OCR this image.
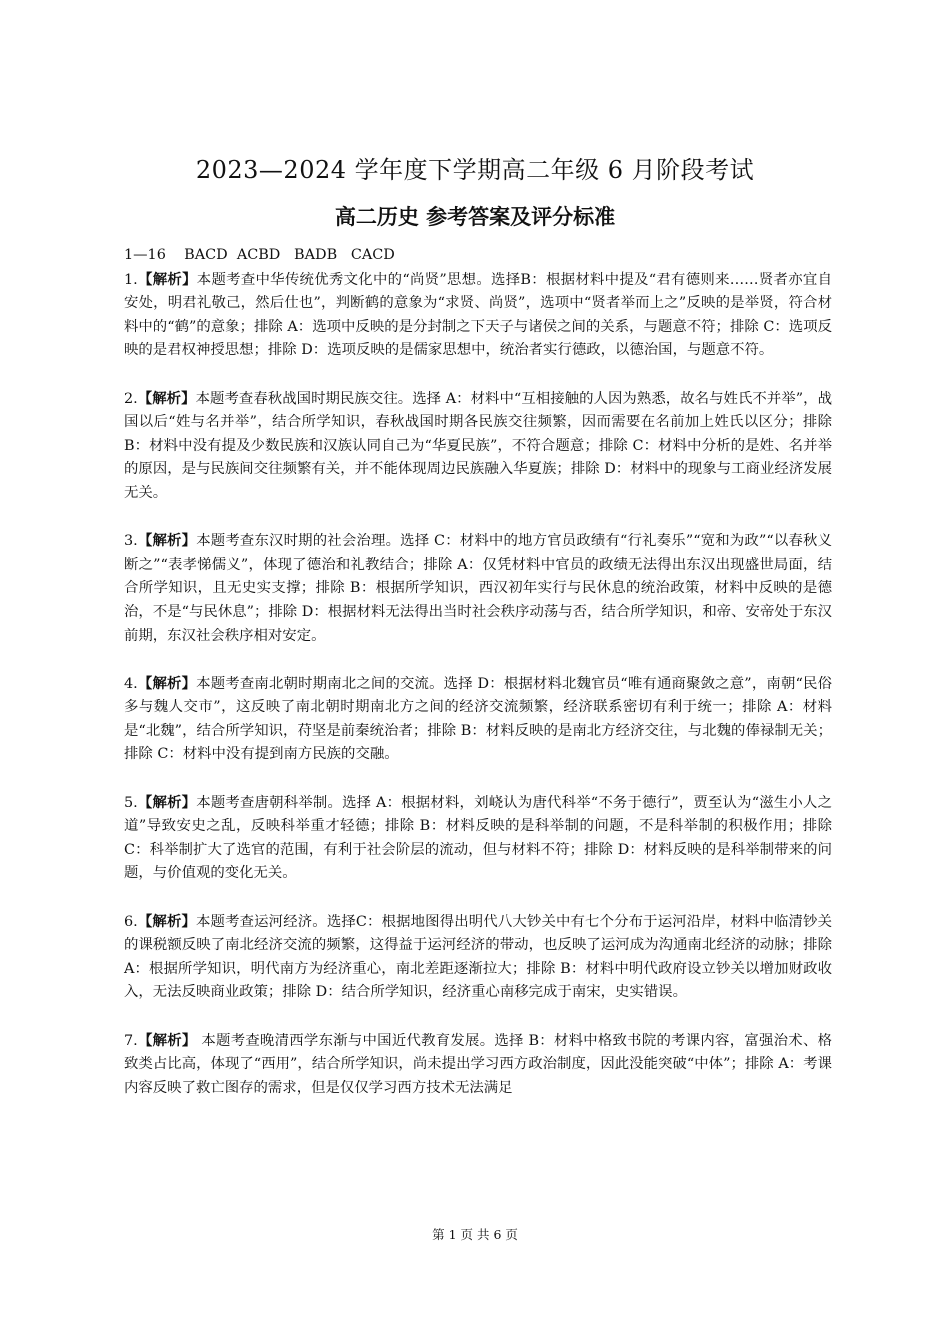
2023—2024 学年度下学期高二年级 6 月阶段考试
高二历史 参考答案及评分标准

1—16    BACD  ACBD   BADB   CACD

1.【解析】本题考查中华传统优秀文化中的“尚贤”思想。选择B：根据材料中提及“君有德则来……贤者亦宜自安处，明君礼敬己，然后仕也”，判断鹤的意象为“求贤、尚贤”，选项中“贤者举而上之”反映的是举贤，符合材料中的“鹤”的意象；排除 A：选项中反映的是分封制之下天子与诸侯之间的关系，与题意不符；排除 C：选项反映的是君权神授思想；排除 D：选项反映的是儒家思想中，统治者实行德政，以德治国，与题意不符。

2.【解析】本题考查春秋战国时期民族交往。选择 A：材料中“互相接触的人因为熟悉，故名与姓氏不并举”，战国以后“姓与名并举”，结合所学知识，春秋战国时期各民族交往频繁，因而需要在名前加上姓氏以区分；排除 B：材料中没有提及少数民族和汉族认同自己为“华夏民族”，不符合题意；排除 C：材料中分析的是姓、名并举的原因，是与民族间交往频繁有关，并不能体现周边民族融入华夏族；排除 D：材料中的现象与工商业经济发展无关。

3.【解析】本题考查东汉时期的社会治理。选择 C：材料中的地方官员政绩有“行礼奏乐”“宽和为政”“以春秋义断之”“表孝悌儒义”，体现了德治和礼教结合；排除 A：仅凭材料中官员的政绩无法得出东汉出现盛世局面，结合所学知识，且无史实支撑；排除 B：根据所学知识，西汉初年实行与民休息的统治政策，材料中反映的是德治，不是“与民休息”；排除 D：根据材料无法得出当时社会秩序动荡与否，结合所学知识，和帝、安帝处于东汉前期，东汉社会秩序相对安定。

4.【解析】本题考查南北朝时期南北之间的交流。选择 D：根据材料北魏官员“唯有通商聚敛之意”，南朝“民俗多与魏人交市”，这反映了南北朝时期南北方之间的经济交流频繁，经济联系密切有利于统一；排除 A：材料是“北魏”，结合所学知识，苻坚是前秦统治者；排除 B：材料反映的是南北方经济交往，与北魏的俸禄制无关；排除 C：材料中没有提到南方民族的交融。

5.【解析】本题考查唐朝科举制。选择 A：根据材料，刘峣认为唐代科举“不务于德行”，贾至认为“滋生小人之道”导致安史之乱，反映科举重才轻德；排除 B：材料反映的是科举制的问题，不是科举制的积极作用；排除 C：科举制扩大了选官的范围，有利于社会阶层的流动，但与材料不符；排除 D：材料反映的是科举制带来的问题，与价值观的变化无关。

6.【解析】本题考查运河经济。选择C：根据地图得出明代八大钞关中有七个分布于运河沿岸，材料中临清钞关的课税额反映了南北经济交流的频繁，这得益于运河经济的带动，也反映了运河成为沟通南北经济的动脉；排除 A：根据所学知识，明代南方为经济重心，南北差距逐渐拉大；排除 B：材料中明代政府设立钞关以增加财政收入，无法反映商业政策；排除 D：结合所学知识，经济重心南移完成于南宋，史实错误。

7.【解析】 本题考查晚清西学东渐与中国近代教育发展。选择 B：材料中格致书院的考课内容，富强治术、格致类占比高，体现了“西用”，结合所学知识，尚未提出学习西方政治制度，因此没能突破“中体”；排除 A：考课内容反映了救亡图存的需求，但是仅仅学习西方技术无法满足

第 1 页 共 6 页
